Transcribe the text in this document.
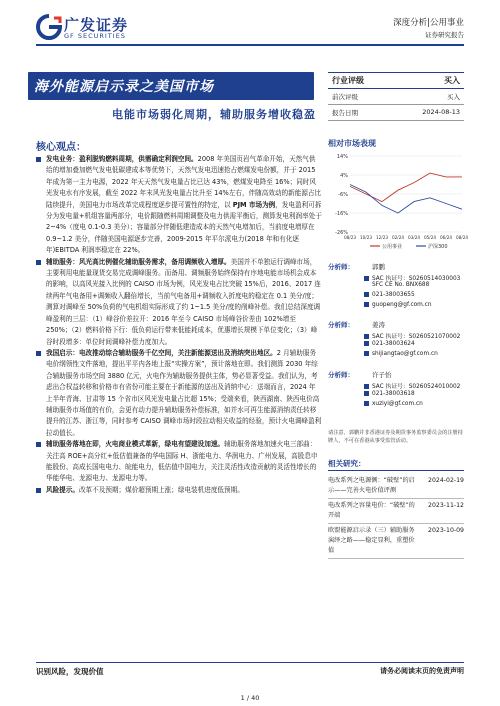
广发证券
GF SECURITIES
深度分析|公用事业
证券研究报告
海外能源启示录之美国市场
电能市场弱化周期，辅助服务增收稳盈
行业评级	买入
前次评级	买入
报告日期	2024-08-13
核心观点：
发电业务：盈利脱钩燃料周期，供需确定利润空间。2008 年美国页岩气革命开始，天然气供给的增加叠加燃气发电低碳建成本等优势下，天然气发电迅速抢占燃煤发电份额，并于 2015 年成为第一主力电源，2022 年天天然气发电量占比已达 43%，燃煤发电降至 16%；同时风光发电水有序发展，截至 2022 年末风光发电量占比升至 14%左右，伴随高效动的新能源占比陆续提升，美国电力市场改革完成程度逐步提可置性的特定，以 PJM 市场为例，发电盈利可拆分为发电量+机组容量两部分，电价跟随燃料周期调整及电力供需平衡后，测算发电利润率处于 2~4%（度电 0.1-0.3 美分）；容量部分伴随低建造成本的天然气电增加后，当前度电增厚在 0.9~1.2 美分，伴随美国电源逐步完善，2009-2015 年平尔派电力(2018 年和有化逐年)EBITDA 利润率稳定在 22%。
辅助服务：风光高比例催化辅助服务需求，备用调频收入增厚。美国并不单独运行调峰市场，主要利用电能量现货交易完成调峰服务。而备用、调频服务始终保持有序地电能市场机会成本的影响，以高风光接入比例的 CAISO 市场为例，风光发电占比突破 15%后，2016、2017 连续两年气电备用+调频收入翻倍增长，当前气电备用+调频收入折度电的稳定在 0.1 美分/度；测算对调峰至 50%负荷的气电机组实际形成了约 1~1.5 美分/度的削峰补偿。我们总结深度调峰盈利的三层：（1）峰谷价差拉开：2016 年至今 CAISO 市场峰谷价差由 102%增至 250%；（2）燃料价格下行：低负荷运行带来低能耗成本，优惠增长规模下单位变化；（3）峰谷时段增多：单位时间调峰补偿力度加大。
我国启示：电改推动综合辅助服务千亿空间，关注新能源送出及消纳突出地区。2 月辅助服务电价纲领性文件落地，提出平平内各地上报“实操方案”，预计落地在即。我们测算 2030 年综合辅助服务市场空间 3880 亿元，火电作为辅助服务提供主体，势必显著受益。我们认为，考虑出合权益转移和价格市有省份可能主要在于新能源的送出及消纳中心：送端而言，2024 年上半年青海、甘肃等 15 个省市区风光发电量占比超 15%；受端来看，陕西湖南、陕西电价高辅助服务市场值的有价，会更有动力提升辅助服务补偿标准，如并水可再生能源消纳责任转移提升的江苏、浙江等，同时参考 CAISO 调峰市场时段拉动相关收益的经验，预计火电调峰盈利拉动值长。
辅助服务落地在即，火电商业模式革新，绿电有望建设加速。辅助服务落地加速火电三部曲：关注高 ROE+高分红+低估值兼备的华电国际 H、浙能电力、华润电力、广州发展，高股息申能股份、高成长国电电力、皖能电力，低估值中国电力，关注灵活性改造贡献的灵活性增长的华能华电、龙源电力、龙源电力等。
风险提示。改革不及预期；煤价超预期上涨；绿电装机进度低预期。
相对市场表现
14%
4%
-6%
-16%
-26%
08/23 10/23 12/23 02/24 03/24 05/24 06/24 08/24
公用事业	沪深300
分析师：	郭鹏
SAC 执证号：S0260514030003
SFC CE No. BNX688
021-38003655
guopeng@gf.com.cn
分析师：	姜涛
SAC 执证号：S0260521070002
021-38003624
shijiangtao@gf.com.cn
分析师：	许子怡
SAC 执证号：S0260524010002
021-38003618
xuziyi@gf.com.cn
请注意，郭鹏并非香港证券及期货事务监察委员会的注册持牌人，不可在香港从事受监管活动。
相关研究：
电改系列之电源侧：“破壁”的启示——完善火电价值评测
2024-02-19
电改系列之容量电价：“破壁”的开端
2023-11-12
欧盟能源启示录（三）辅助服务演绎之路——稳定显利，重塑价值
2023-10-09
识别风险，发现价值	请务必阅读末页的免责声明
1 / 40
